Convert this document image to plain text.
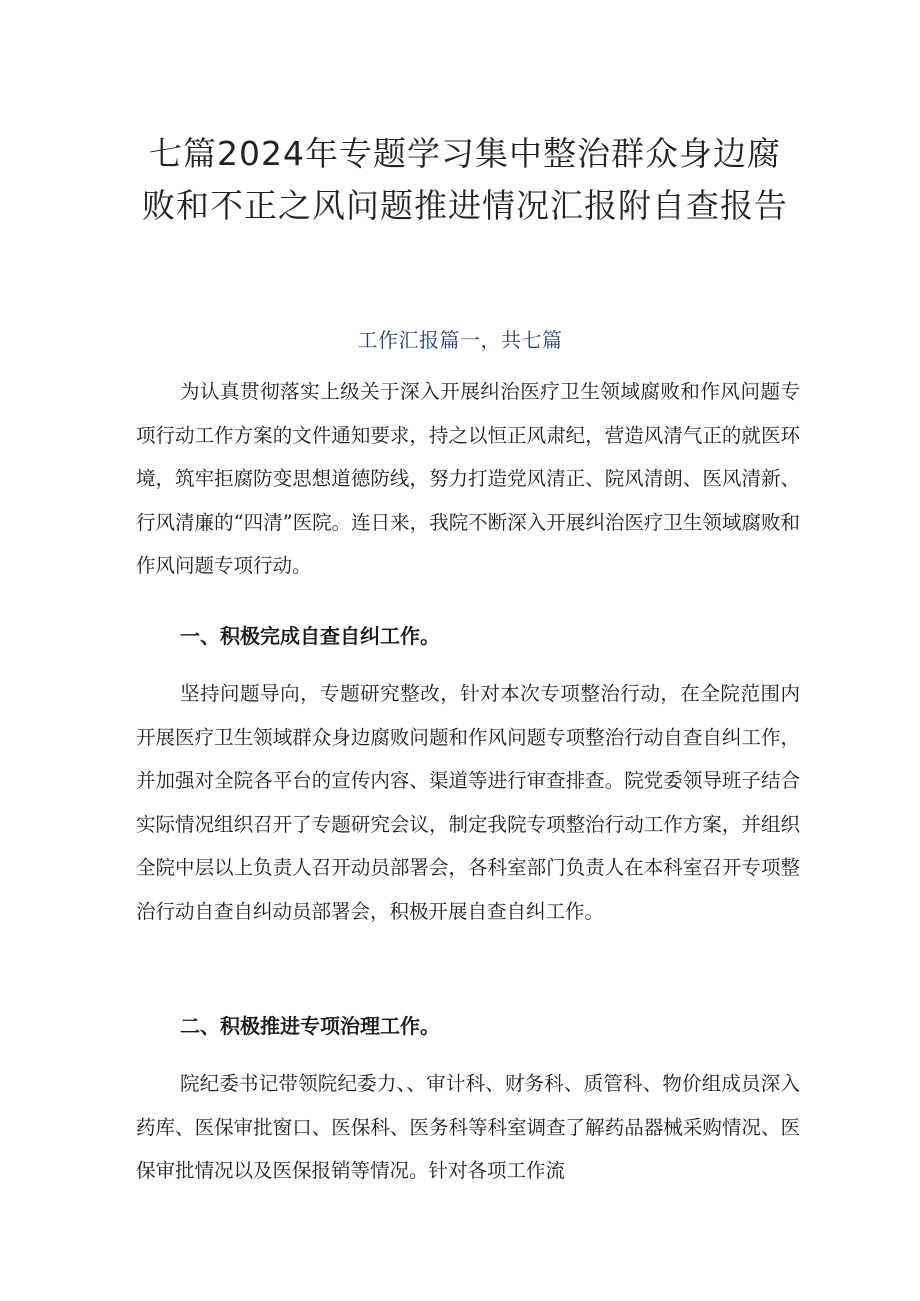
七篇2024年专题学习集中整治群众身边腐败和不正之风问题推进情况汇报附自查报告
工作汇报篇一，共七篇

为认真贯彻落实上级关于深入开展纠治医疗卫生领域腐败和作风问题专项行动工作方案的文件通知要求，持之以恒正风肃纪，营造风清气正的就医环境，筑牢拒腐防变思想道德防线，努力打造党风清正、院风清朗、医风清新、行风清廉的“四清”医院。连日来，我院不断深入开展纠治医疗卫生领域腐败和作风问题专项行动。

一、积极完成自查自纠工作。

坚持问题导向，专题研究整改，针对本次专项整治行动，在全院范围内开展医疗卫生领域群众身边腐败问题和作风问题专项整治行动自查自纠工作，并加强对全院各平台的宣传内容、渠道等进行审查排查。院党委领导班子结合实际情况组织召开了专题研究会议，制定我院专项整治行动工作方案，并组织全院中层以上负责人召开动员部署会，各科室部门负责人在本科室召开专项整治行动自查自纠动员部署会，积极开展自查自纠工作。

二、积极推进专项治理工作。

院纪委书记带领院纪委力、、审计科、财务科、质管科、物价组成员深入药库、医保审批窗口、医保科、医务科等科室调查了解药品器械采购情况、医保审批情况以及医保报销等情况。针对各项工作流
